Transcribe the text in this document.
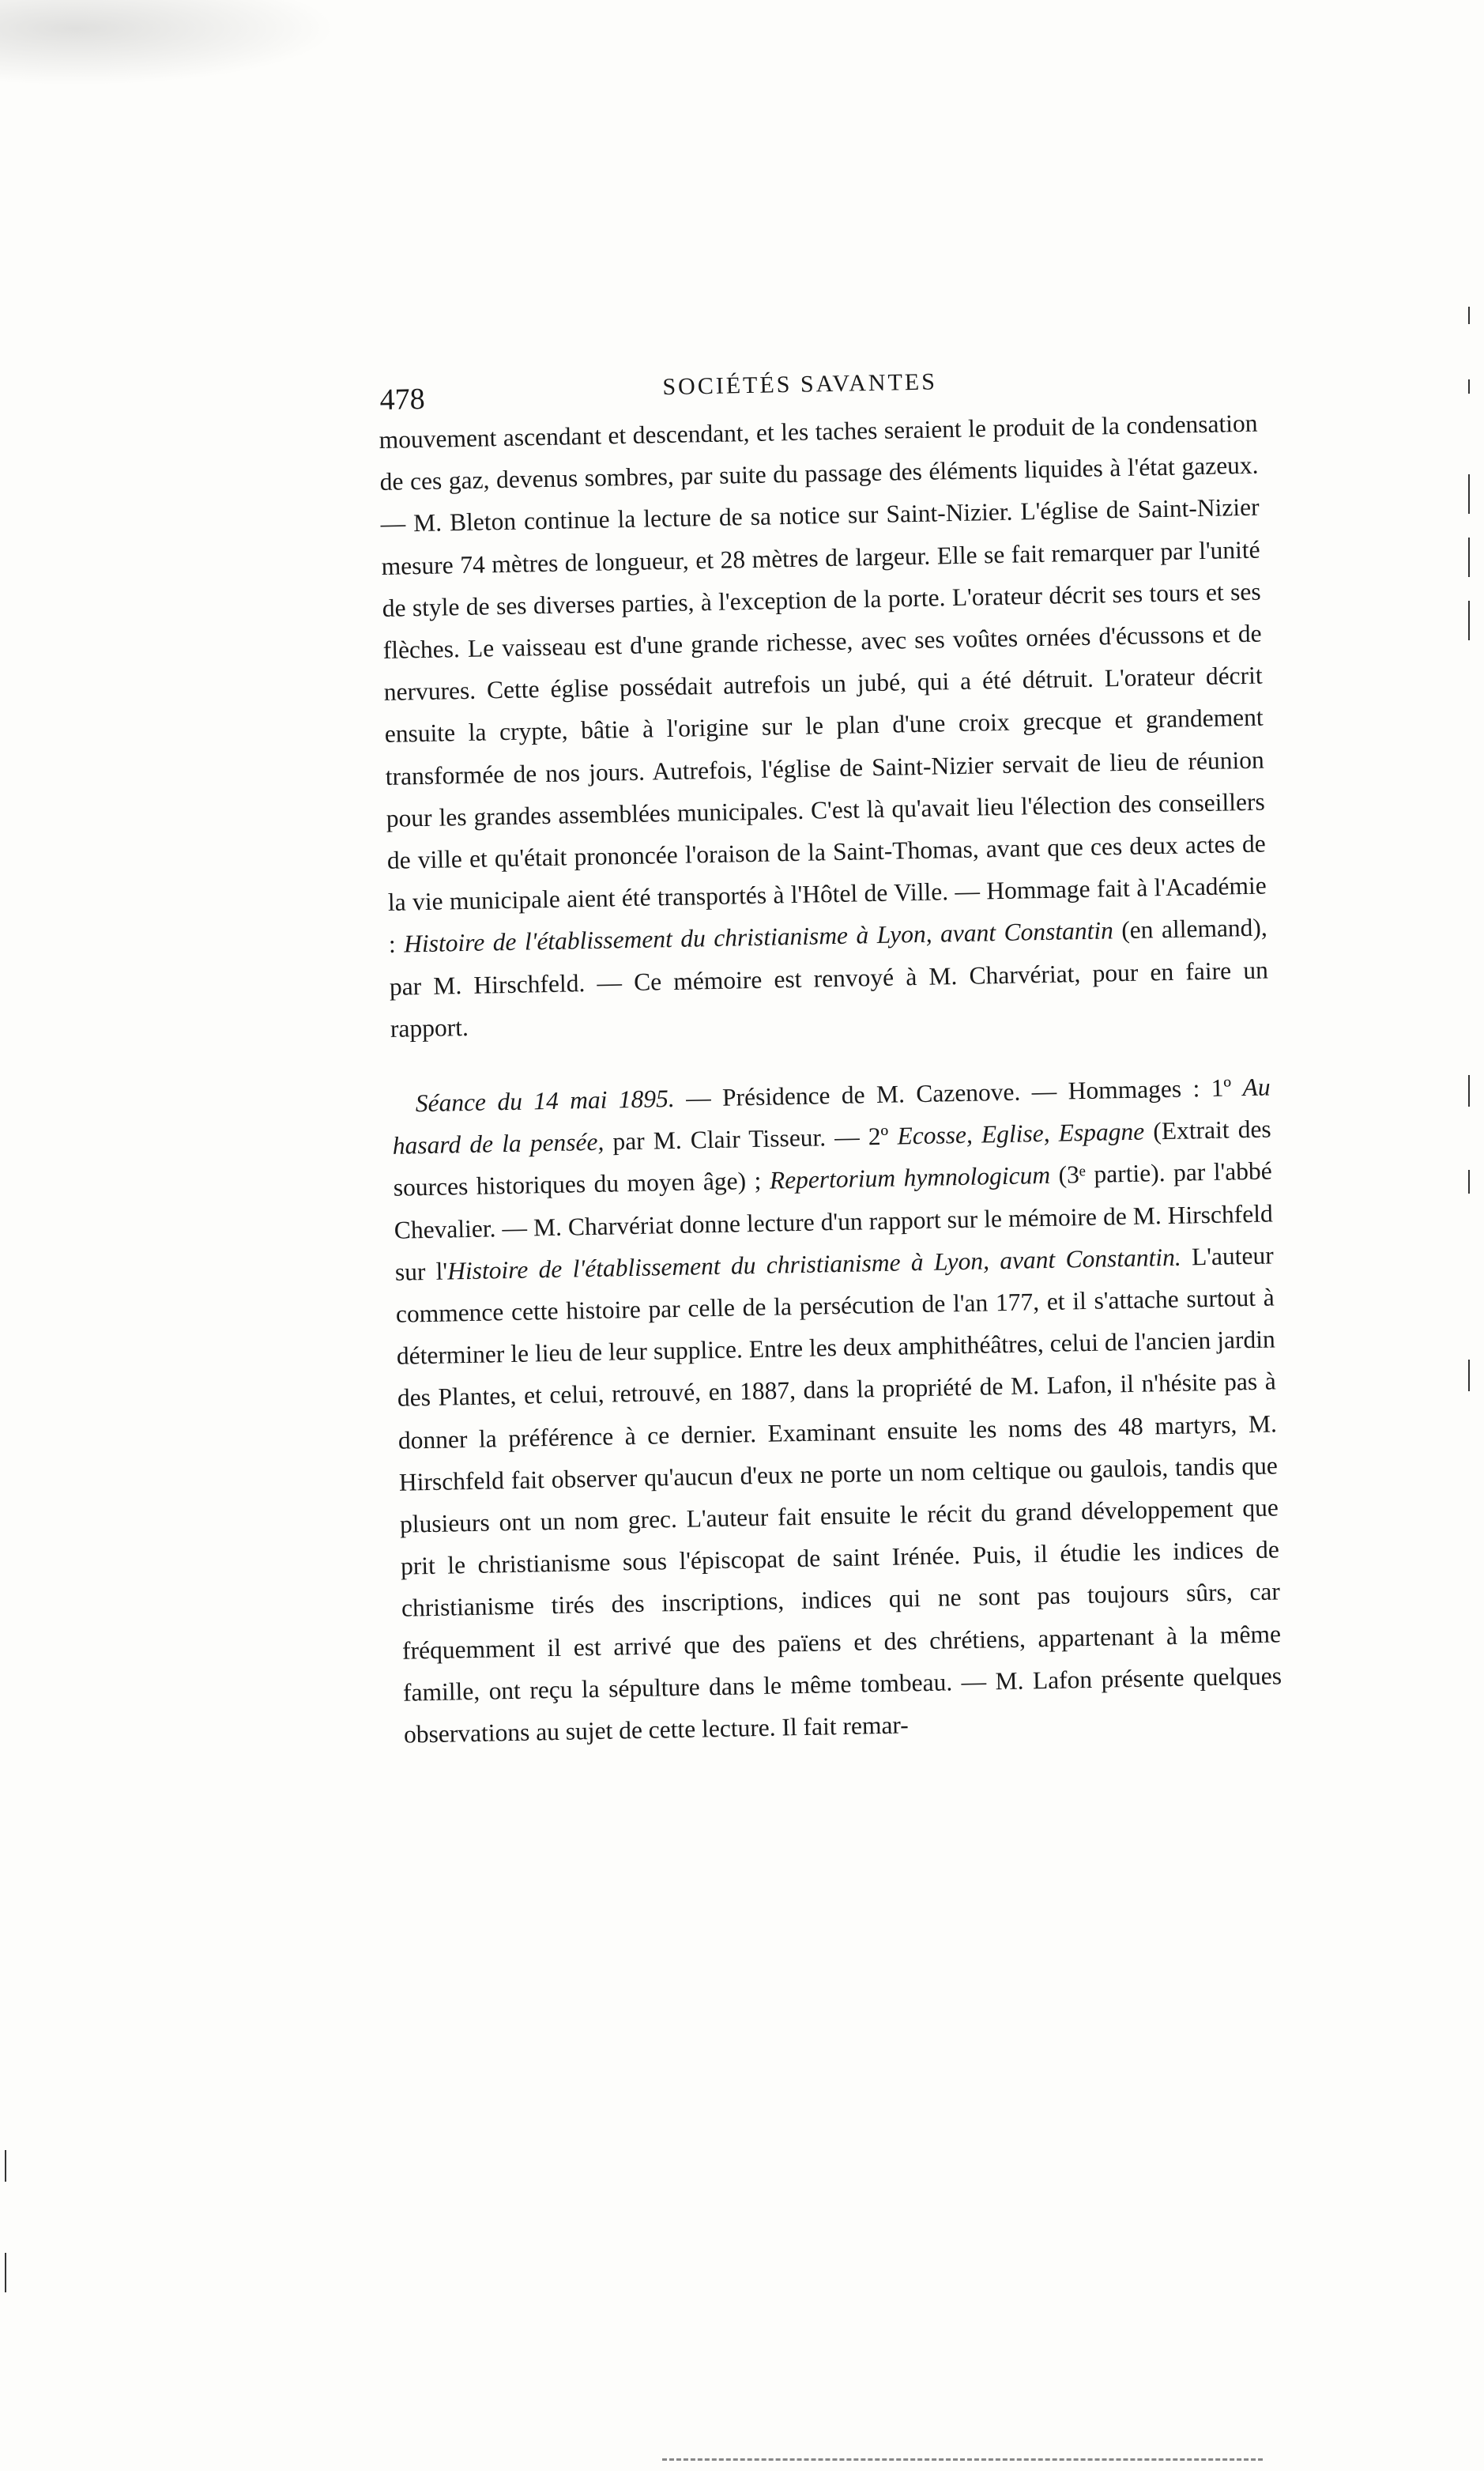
478	SOCIÉTÉS SAVANTES

mouvement ascendant et descendant, et les taches seraient le produit de la condensation de ces gaz, devenus sombres, par suite du passage des éléments liquides à l'état gazeux. — M. Bleton continue la lecture de sa notice sur Saint-Nizier. L'église de Saint-Nizier mesure 74 mètres de longueur, et 28 mètres de largeur. Elle se fait remarquer par l'unité de style de ses diverses parties, à l'exception de la porte. L'orateur décrit ses tours et ses flèches. Le vaisseau est d'une grande richesse, avec ses voûtes ornées d'écussons et de nervures. Cette église possédait autrefois un jubé, qui a été détruit. L'orateur décrit ensuite la crypte, bâtie à l'origine sur le plan d'une croix grecque et grandement transformée de nos jours. Autrefois, l'église de Saint-Nizier servait de lieu de réunion pour les grandes assemblées municipales. C'est là qu'avait lieu l'élection des conseillers de ville et qu'était prononcée l'oraison de la Saint-Thomas, avant que ces deux actes de la vie municipale aient été transportés à l'Hôtel de Ville. — Hommage fait à l'Académie : Histoire de l'établissement du christianisme à Lyon, avant Constantin (en allemand), par M. Hirschfeld. — Ce mémoire est renvoyé à M. Charvériat, pour en faire un rapport.

Séance du 14 mai 1895. — Présidence de M. Cazenove. — Hommages : 1º Au hasard de la pensée, par M. Clair Tisseur. — 2º Ecosse, Eglise, Espagne (Extrait des sources historiques du moyen âge) ; Repertorium hymnologicum (3ᵉ partie). par l'abbé Chevalier. — M. Charvériat donne lecture d'un rapport sur le mémoire de M. Hirschfeld sur l'Histoire de l'établissement du christianisme à Lyon, avant Constantin. L'auteur commence cette histoire par celle de la persécution de l'an 177, et il s'attache surtout à déterminer le lieu de leur supplice. Entre les deux amphithéâtres, celui de l'ancien jardin des Plantes, et celui, retrouvé, en 1887, dans la propriété de M. Lafon, il n'hésite pas à donner la préférence à ce dernier. Examinant ensuite les noms des 48 martyrs, M. Hirschfeld fait observer qu'aucun d'eux ne porte un nom celtique ou gaulois, tandis que plusieurs ont un nom grec. L'auteur fait ensuite le récit du grand développement que prit le christianisme sous l'épiscopat de saint Irénée. Puis, il étudie les indices de christianisme tirés des inscriptions, indices qui ne sont pas toujours sûrs, car fréquemment il est arrivé que des païens et des chrétiens, appartenant à la même famille, ont reçu la sépulture dans le même tombeau. — M. Lafon présente quelques observations au sujet de cette lecture. Il fait remar-
